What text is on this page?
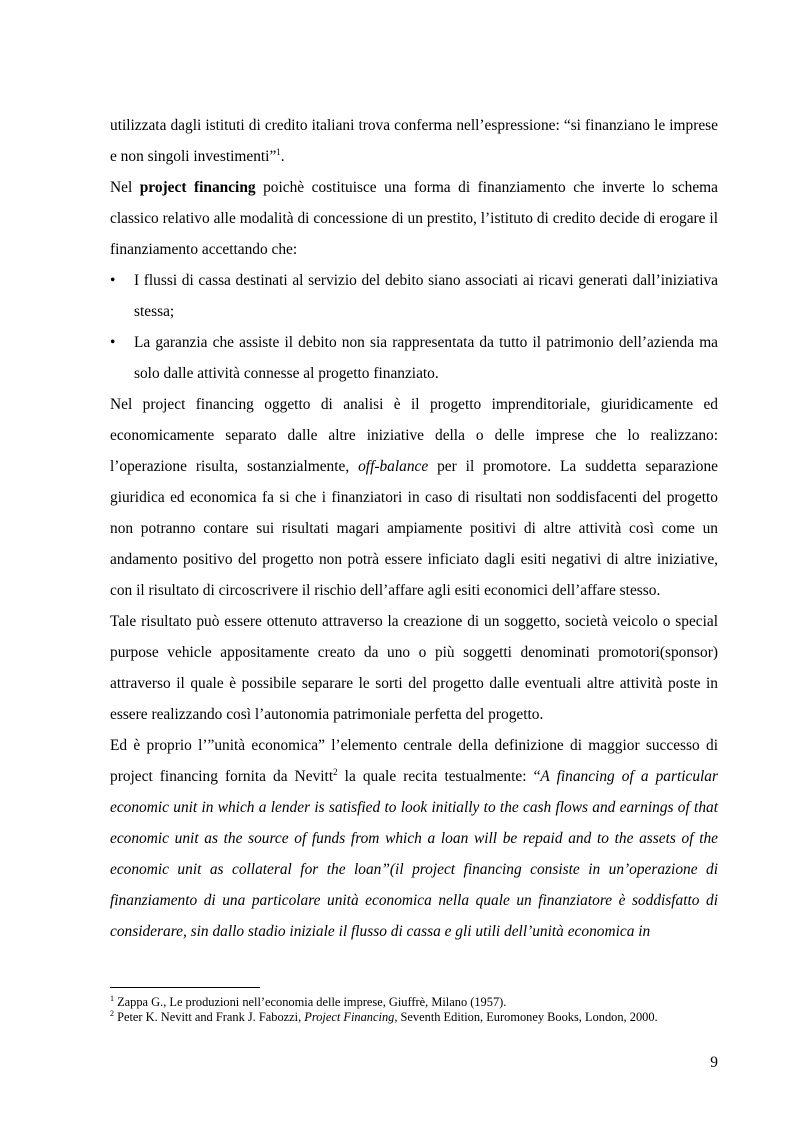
utilizzata dagli istituti di credito italiani trova conferma nell’espressione: “si finanziano le imprese e non singoli investimenti”$^1$.

Nel project financing poichè costituisce una forma di finanziamento che inverte lo schema classico relativo alle modalità di concessione di un prestito, l’istituto di credito decide di erogare il finanziamento accettando che:

• I flussi di cassa destinati al servizio del debito siano associati ai ricavi generati dall’iniziativa stessa;
• La garanzia che assiste il debito non sia rappresentata da tutto il patrimonio dell’azienda ma solo dalle attività connesse al progetto finanziato.

Nel project financing oggetto di analisi è il progetto imprenditoriale, giuridicamente ed economicamente separato dalle altre iniziative della o delle imprese che lo realizzano: l’operazione risulta, sostanzialmente, off-balance per il promotore. La suddetta separazione giuridica ed economica fa si che i finanziatori in caso di risultati non soddisfacenti del progetto non potranno contare sui risultati magari ampiamente positivi di altre attività così come un andamento positivo del progetto non potrà essere inficiato dagli esiti negativi di altre iniziative, con il risultato di circoscrivere il rischio dell’affare agli esiti economici dell’affare stesso.

Tale risultato può essere ottenuto attraverso la creazione di un soggetto, società veicolo o special purpose vehicle appositamente creato da uno o più soggetti denominati promotori(sponsor) attraverso il quale è possibile separare le sorti del progetto dalle eventuali altre attività poste in essere realizzando così l’autonomia patrimoniale perfetta del progetto.

Ed è proprio l’”unità economica” l’elemento centrale della definizione di maggior successo di project financing fornita da Nevitt$^2$ la quale recita testualmente: “A financing of a particular economic unit in which a lender is satisfied to look initially to the cash flows and earnings of that economic unit as the source of funds from which a loan will be repaid and to the assets of the economic unit as collateral for the loan”(il project financing consiste in un’operazione di finanziamento di una particolare unità economica nella quale un finanziatore è soddisfatto di considerare, sin dallo stadio iniziale il flusso di cassa e gli utili dell’unità economica in

$^1$ Zappa G., Le produzioni nell’economia delle imprese, Giuffrè, Milano (1957).
$^2$ Peter K. Nevitt and Frank J. Fabozzi, Project Financing, Seventh Edition, Euromoney Books, London, 2000.
9
